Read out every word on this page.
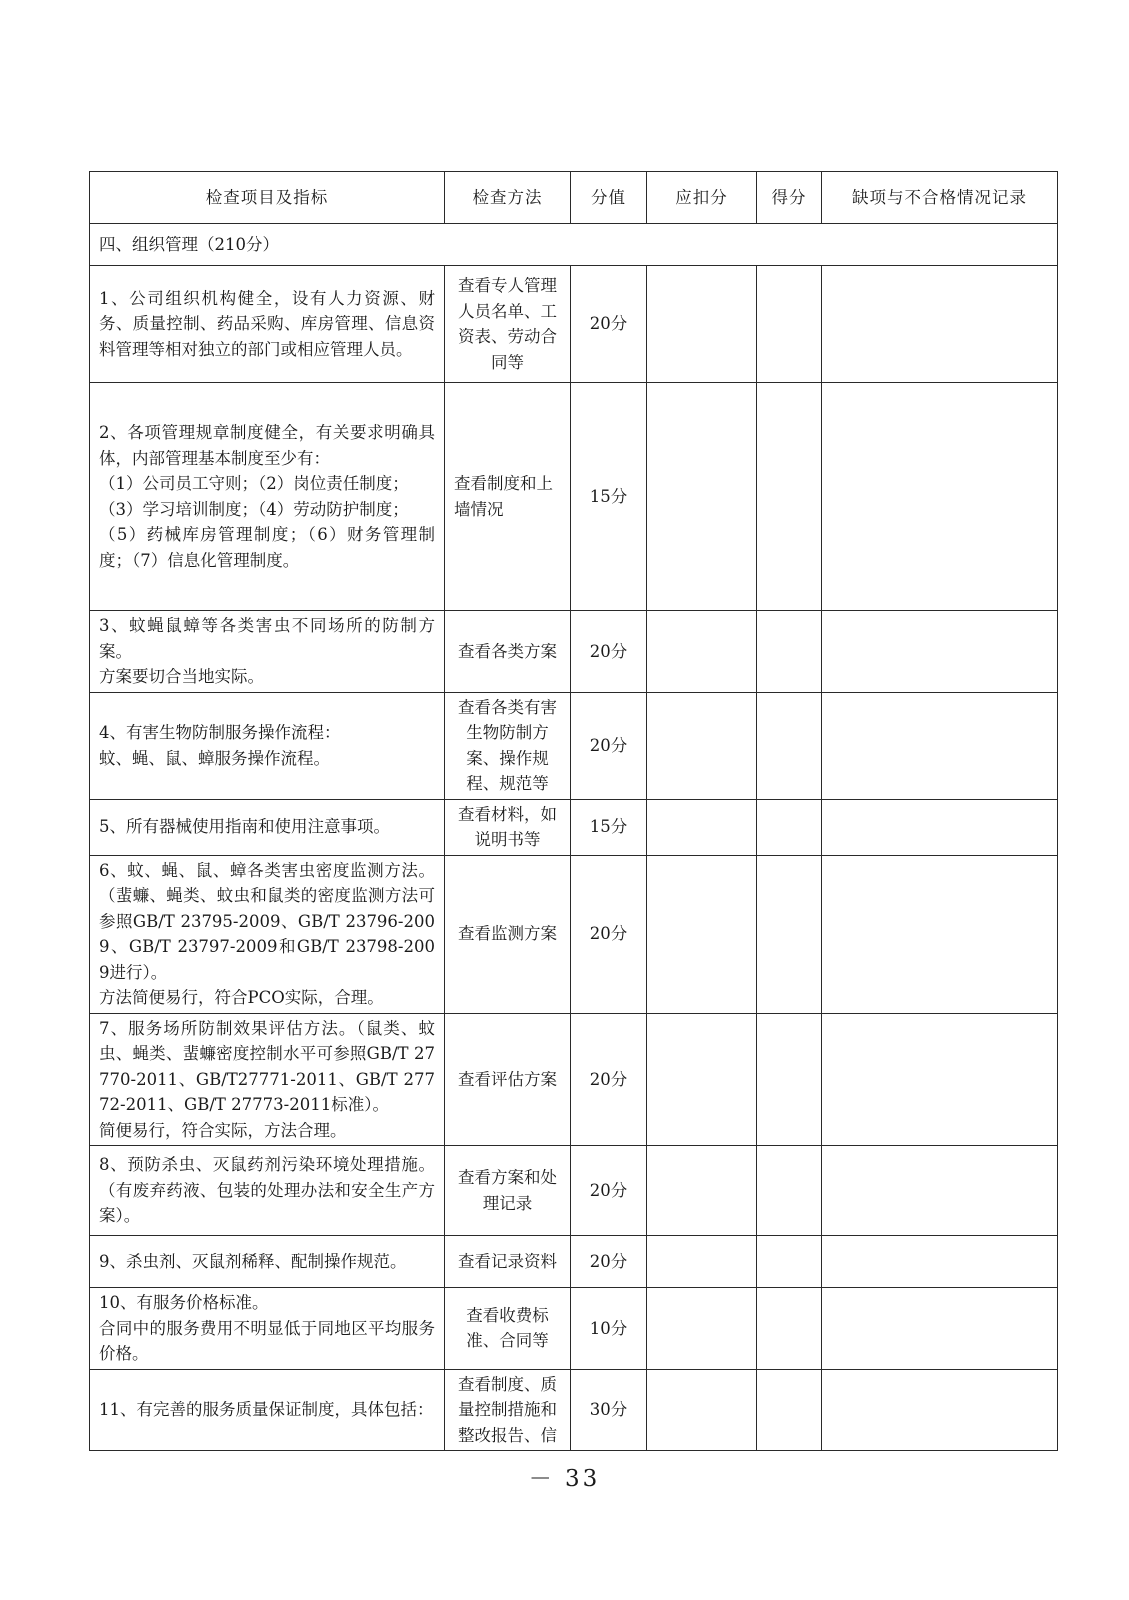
检查项目及指标	检查方法	分值	应扣分	得分	缺项与不合格情况记录
四、组织管理（210分）					

1、公司组织机构健全，设有人力资源、财务、质量控制、药品采购、库房管理、信息资料管理等相对独立的部门或相应管理人员。	查看专人管理人员名单、工资表、劳动合同等	20分			

2、各项管理规章制度健全，有关要求明确具体，内部管理基本制度至少有：
（1）公司员工守则；（2）岗位责任制度；
（3）学习培训制度；（4）劳动防护制度；
（5）药械库房管理制度；（6）财务管理制度；（7）信息化管理制度。	查看制度和上墙情况	15分			

3、蚊蝇鼠蟑等各类害虫不同场所的防制方案。
方案要切合当地实际。	查看各类方案	20分			

4、有害生物防制服务操作流程：
蚊、蝇、鼠、蟑服务操作流程。	查看各类有害生物防制方案、操作规程、规范等	20分			

5、所有器械使用指南和使用注意事项。	查看材料，如说明书等	15分			

6、蚊、蝇、鼠、蟑各类害虫密度监测方法。（蜚蠊、蝇类、蚊虫和鼠类的密度监测方法可参照GB/T 23795-2009、GB/T 23796-2009、GB/T 23797-2009和GB/T 23798-2009进行）。
方法简便易行，符合PCO实际，合理。	查看监测方案	20分			

7、服务场所防制效果评估方法。（鼠类、蚊虫、蝇类、蜚蠊密度控制水平可参照GB/T 27770-2011、GB/T27771-2011、GB/T 27772-2011、GB/T 27773-2011标准）。
简便易行，符合实际，方法合理。	查看评估方案	20分			

8、预防杀虫、灭鼠药剂污染环境处理措施。（有废弃药液、包装的处理办法和安全生产方案）。	查看方案和处理记录	20分			

9、杀虫剂、灭鼠剂稀释、配制操作规范。	查看记录资料	20分			

10、有服务价格标准。
合同中的服务费用不明显低于同地区平均服务价格。	查看收费标准、合同等	10分			

11、有完善的服务质量保证制度，具体包括：	查看制度、质量控制措施和整改报告、信	30分			
－ 33
